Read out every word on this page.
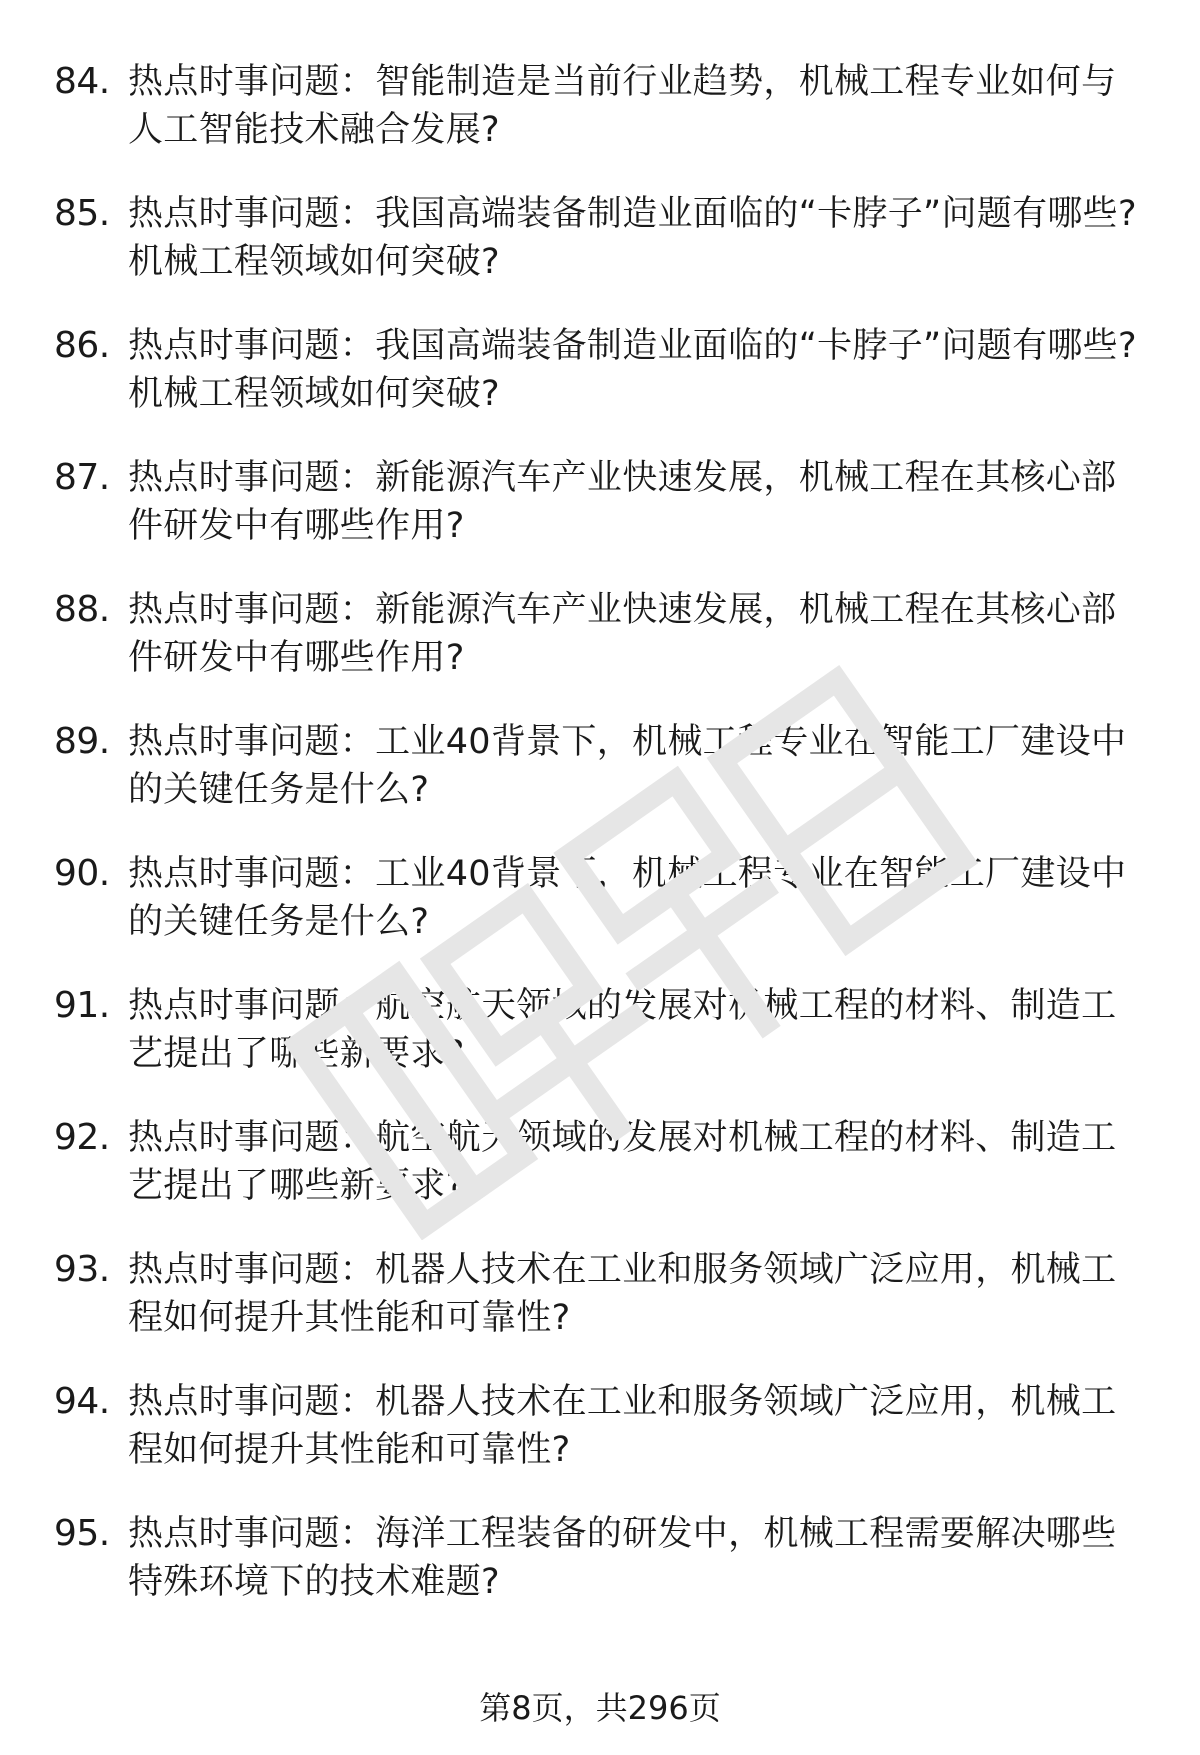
84. 热点时事问题：智能制造是当前行业趋势，机械工程专业如何与人工智能技术融合发展?
85. 热点时事问题：我国高端装备制造业面临的“卡脖子”问题有哪些?机械工程领域如何突破?
86. 热点时事问题：我国高端装备制造业面临的“卡脖子”问题有哪些?机械工程领域如何突破?
87. 热点时事问题：新能源汽车产业快速发展，机械工程在其核心部件研发中有哪些作用?
88. 热点时事问题：新能源汽车产业快速发展，机械工程在其核心部件研发中有哪些作用?
89. 热点时事问题：工业40背景下，机械工程专业在智能工厂建设中的关键任务是什么?
90. 热点时事问题：工业40背景下，机械工程专业在智能工厂建设中的关键任务是什么?
91. 热点时事问题：航空航天领域的发展对机械工程的材料、制造工艺提出了哪些新要求?
92. 热点时事问题：航空航天领域的发展对机械工程的材料、制造工艺提出了哪些新要求?
93. 热点时事问题：机器人技术在工业和服务领域广泛应用，机械工程如何提升其性能和可靠性?
94. 热点时事问题：机器人技术在工业和服务领域广泛应用，机械工程如何提升其性能和可靠性?
95. 热点时事问题：海洋工程装备的研发中，机械工程需要解决哪些特殊环境下的技术难题?
第8页，共296页
